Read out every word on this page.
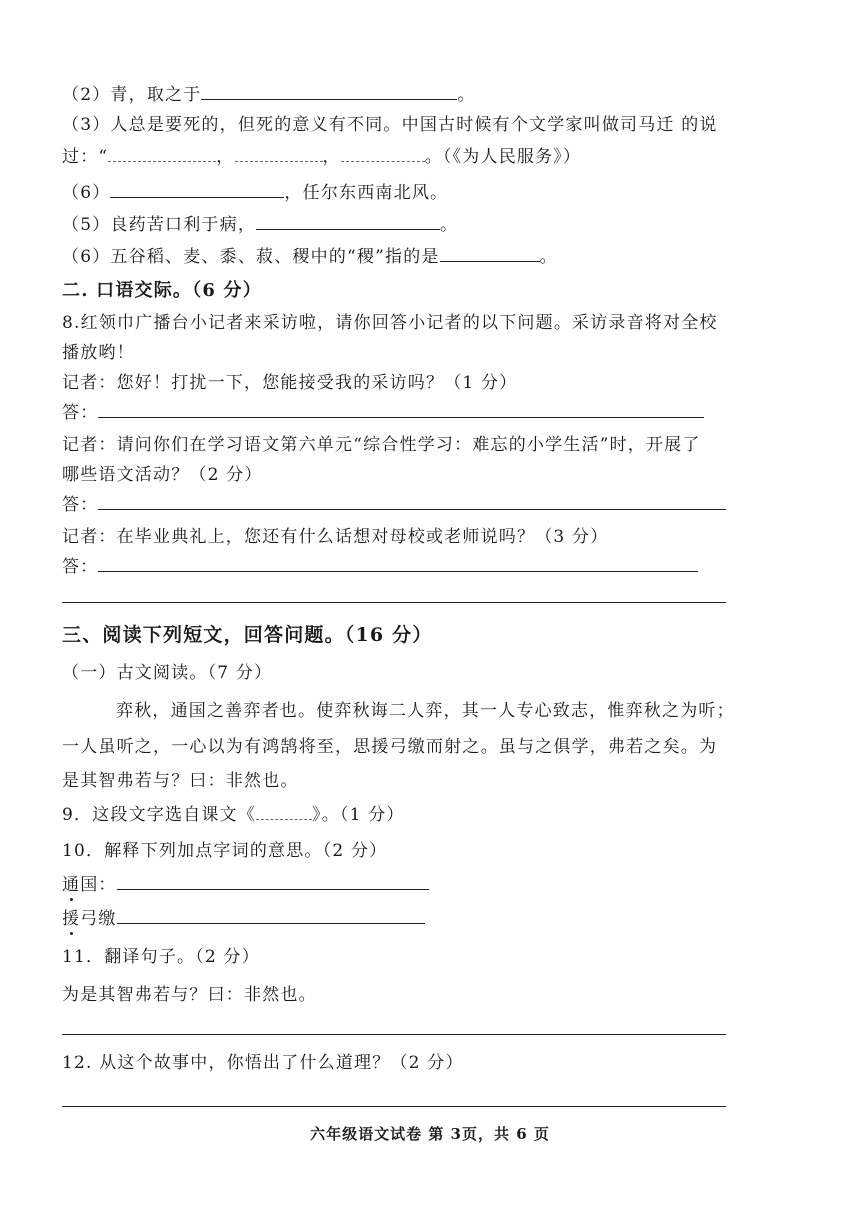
（2）青，取之于	。
（3）人总是要死的，但死的意义有不同。中国古时候有个文学家叫做司马迁 的说
过：“	，	，	。（《为人民服务》）
（6）	，任尔东西南北风。
（5）良药苦口利于病，	。
（6）五谷稻、麦、黍、菽、稷中的“稷”指的是	。
二. 口语交际。（6 分）
8.红领巾广播台小记者来采访啦，请你回答小记者的以下问题。采访录音将对全校
播放哟！
记者：您好！打扰一下，您能接受我的采访吗？（1 分）
答：
记者：请问你们在学习语文第六单元“综合性学习：难忘的小学生活”时，开展了
哪些语文活动？（2 分）
答：
记者：在毕业典礼上，您还有什么话想对母校或老师说吗？（3 分）
答：
三、阅读下列短文，回答问题。（16 分）
（一）古文阅读。（7 分）
弈秋，通国之善弈者也。使弈秋诲二人弈，其一人专心致志，惟弈秋之为听；
一人虽听之，一心以为有鸿鹄将至，思援弓缴而射之。虽与之俱学，弗若之矣。为
是其智弗若与？曰：非然也。
9．这段文字选自课文《	》。（1 分）
10．解释下列加点字词的意思。（2 分）
通国：
援弓缴
11．翻译句子。（2 分）
为是其智弗若与？曰：非然也。
12. 从这个故事中，你悟出了什么道理？（2 分）
六年级语文试卷 第 3页，共 6 页
